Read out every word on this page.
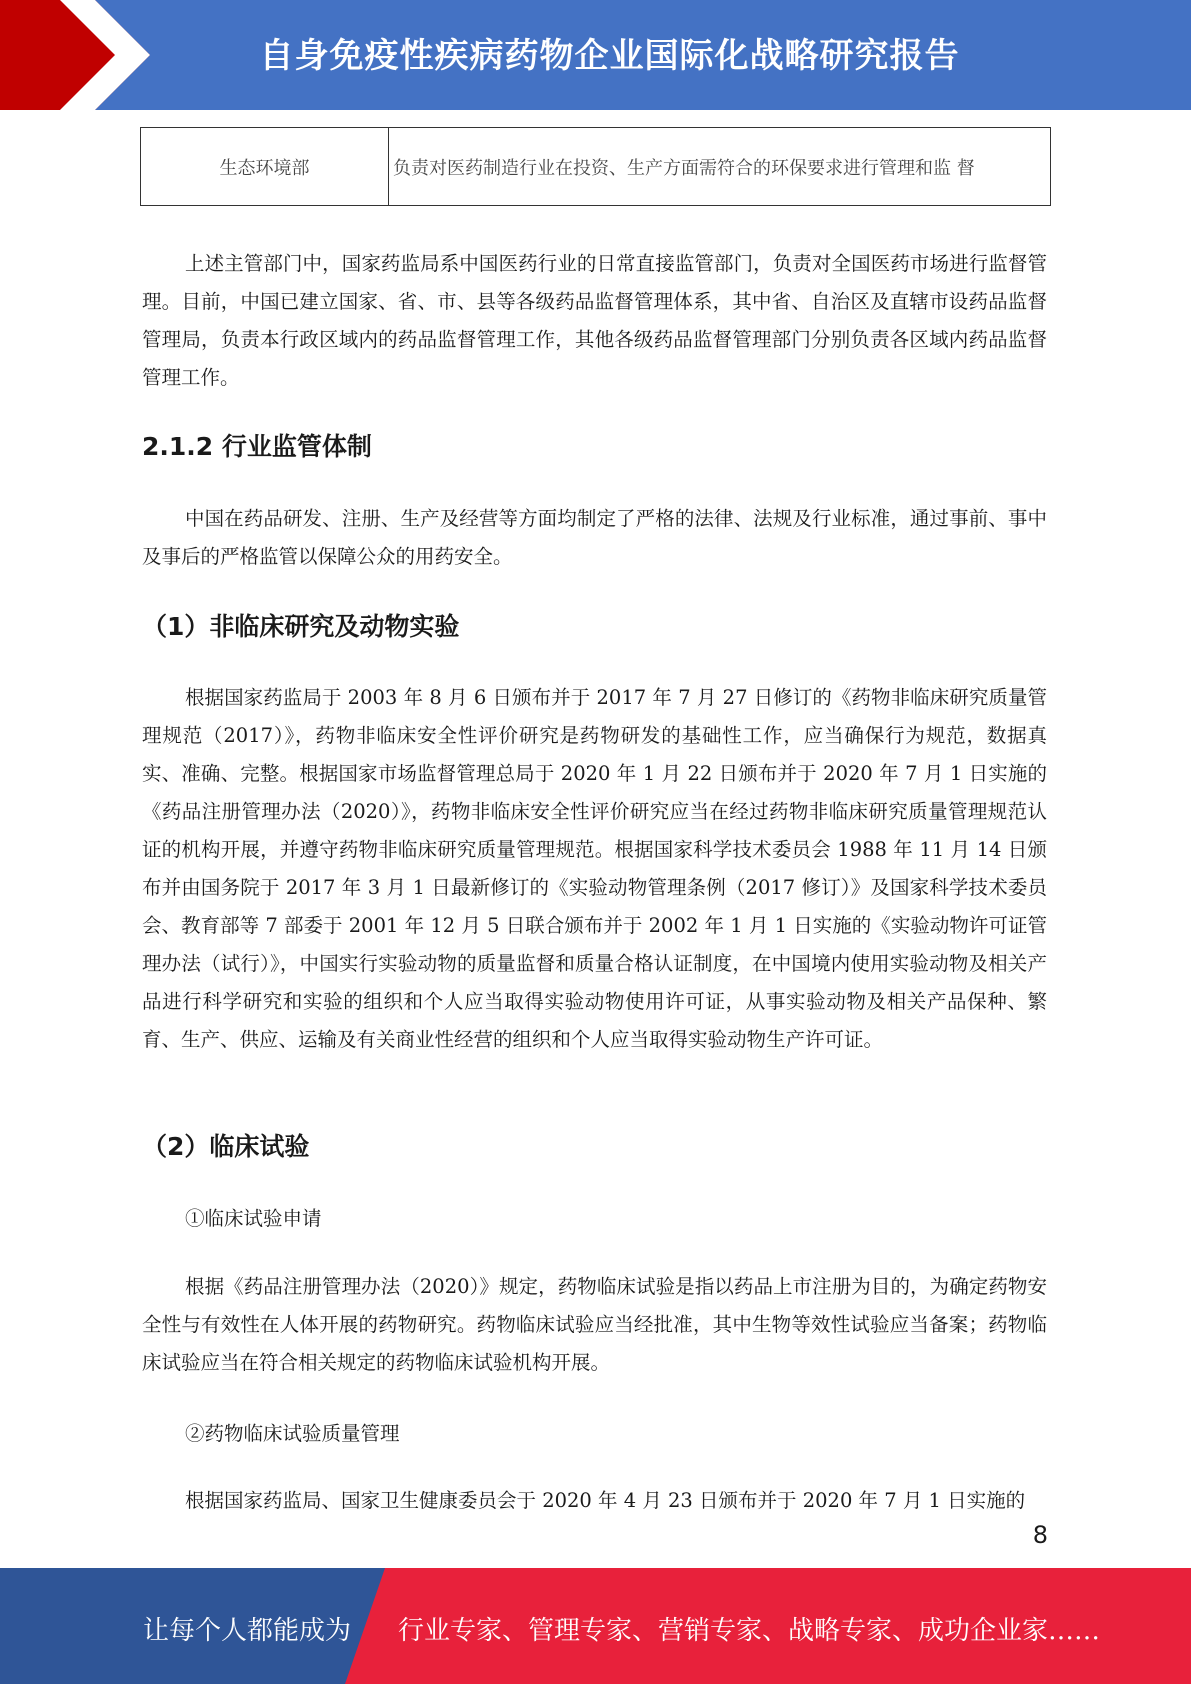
自身免疫性疾病药物企业国际化战略研究报告
生态环境部	负责对医药制造行业在投资、生产方面需符合的环保要求进行管理和监 督

上述主管部门中，国家药监局系中国医药行业的日常直接监管部门，负责对全国医药市场进行监督管理。目前，中国已建立国家、省、市、县等各级药品监督管理体系，其中省、自治区及直辖市设药品监督管理局，负责本行政区域内的药品监督管理工作，其他各级药品监督管理部门分别负责各区域内药品监督管理工作。

2.1.2 行业监管体制

中国在药品研发、注册、生产及经营等方面均制定了严格的法律、法规及行业标准，通过事前、事中及事后的严格监管以保障公众的用药安全。

（1）非临床研究及动物实验

根据国家药监局于 2003 年 8 月 6 日颁布并于 2017 年 7 月 27 日修订的《药物非临床研究质量管理规范（2017）》，药物非临床安全性评价研究是药物研发的基础性工作，应当确保行为规范，数据真实、准确、完整。根据国家市场监督管理总局于 2020 年 1 月 22 日颁布并于 2020 年 7 月 1 日实施的《药品注册管理办法（2020）》，药物非临床安全性评价研究应当在经过药物非临床研究质量管理规范认证的机构开展，并遵守药物非临床研究质量管理规范。根据国家科学技术委员会 1988 年 11 月 14 日颁布并由国务院于 2017 年 3 月 1 日最新修订的《实验动物管理条例（2017 修订）》及国家科学技术委员会、教育部等 7 部委于 2001 年 12 月 5 日联合颁布并于 2002 年 1 月 1 日实施的《实验动物许可证管理办法（试行）》，中国实行实验动物的质量监督和质量合格认证制度，在中国境内使用实验动物及相关产品进行科学研究和实验的组织和个人应当取得实验动物使用许可证，从事实验动物及相关产品保种、繁育、生产、供应、运输及有关商业性经营的组织和个人应当取得实验动物生产许可证。

（2）临床试验

①临床试验申请

根据《药品注册管理办法（2020）》规定，药物临床试验是指以药品上市注册为目的，为确定药物安全性与有效性在人体开展的药物研究。药物临床试验应当经批准，其中生物等效性试验应当备案；药物临床试验应当在符合相关规定的药物临床试验机构开展。

②药物临床试验质量管理

根据国家药监局、国家卫生健康委员会于 2020 年 4 月 23 日颁布并于 2020 年 7 月 1 日实施的

8
让每个人都能成为 行业专家、管理专家、营销专家、战略专家、成功企业家……
